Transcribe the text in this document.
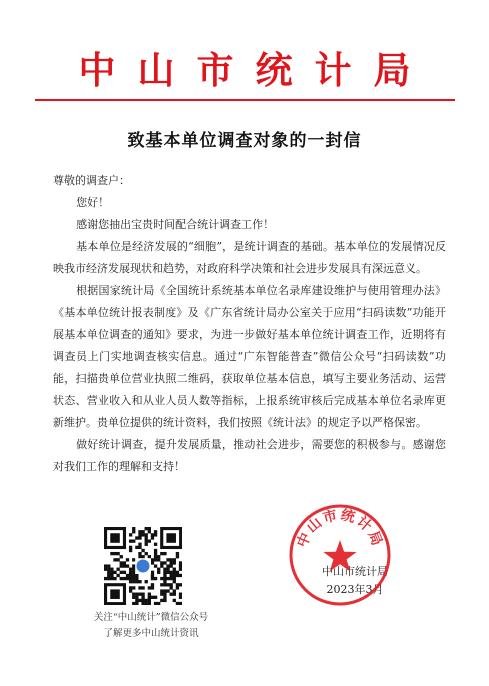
中山市统计局
致基本单位调查对象的一封信

尊敬的调查户：

您好！

感谢您抽出宝贵时间配合统计调查工作！

基本单位是经济发展的“细胞”，是统计调查的基础。基本单位的发展情况反映我市经济发展现状和趋势，对政府科学决策和社会进步发展具有深远意义。

根据国家统计局《全国统计系统基本单位名录库建设维护与使用管理办法》《基本单位统计报表制度》及《广东省统计局办公室关于应用“扫码读数”功能开展基本单位调查的通知》要求，为进一步做好基本单位统计调查工作，近期将有调查员上门实地调查核实信息。通过“广东智能普查”微信公众号“扫码读数”功能，扫描贵单位营业执照二维码，获取单位基本信息，填写主要业务活动、运营状态、营业收入和从业人员人数等指标，上报系统审核后完成基本单位名录库更新维护。贵单位提供的统计资料，我们按照《统计法》的规定予以严格保密。

做好统计调查，提升发展质量，推动社会进步，需要您的积极参与。感谢您对我们工作的理解和支持！

关注“中山统计”微信公众号
了解更多中山统计资讯
中山市统计局
2023年3月
中山市统计局
